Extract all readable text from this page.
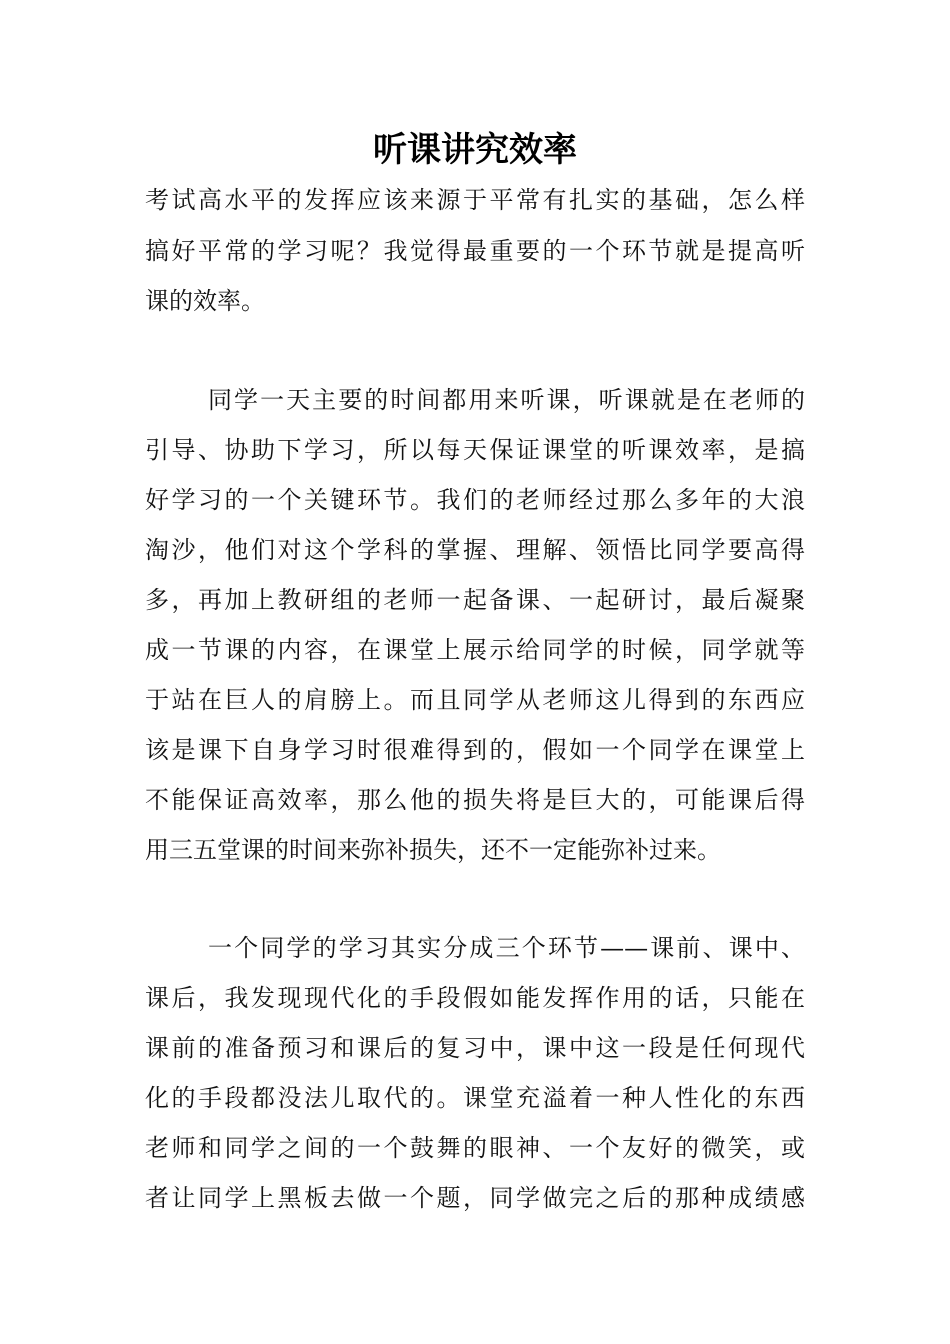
听课讲究效率
考试高水平的发挥应该来源于平常有扎实的基础，怎么样
搞好平常的学习呢？我觉得最重要的一个环节就是提高听
课的效率。
同学一天主要的时间都用来听课，听课就是在老师的
引导、协助下学习，所以每天保证课堂的听课效率，是搞
好学习的一个关键环节。我们的老师经过那么多年的大浪
淘沙，他们对这个学科的掌握、理解、领悟比同学要高得
多，再加上教研组的老师一起备课、一起研讨，最后凝聚
成一节课的内容，在课堂上展示给同学的时候，同学就等
于站在巨人的肩膀上。而且同学从老师这儿得到的东西应
该是课下自身学习时很难得到的，假如一个同学在课堂上
不能保证高效率，那么他的损失将是巨大的，可能课后得
用三五堂课的时间来弥补损失，还不一定能弥补过来。
一个同学的学习其实分成三个环节——课前、课中、
课后，我发现现代化的手段假如能发挥作用的话，只能在
课前的准备预习和课后的复习中，课中这一段是任何现代
化的手段都没法儿取代的。课堂充溢着一种人性化的东西
老师和同学之间的一个鼓舞的眼神、一个友好的微笑，或
者让同学上黑板去做一个题，同学做完之后的那种成绩感
